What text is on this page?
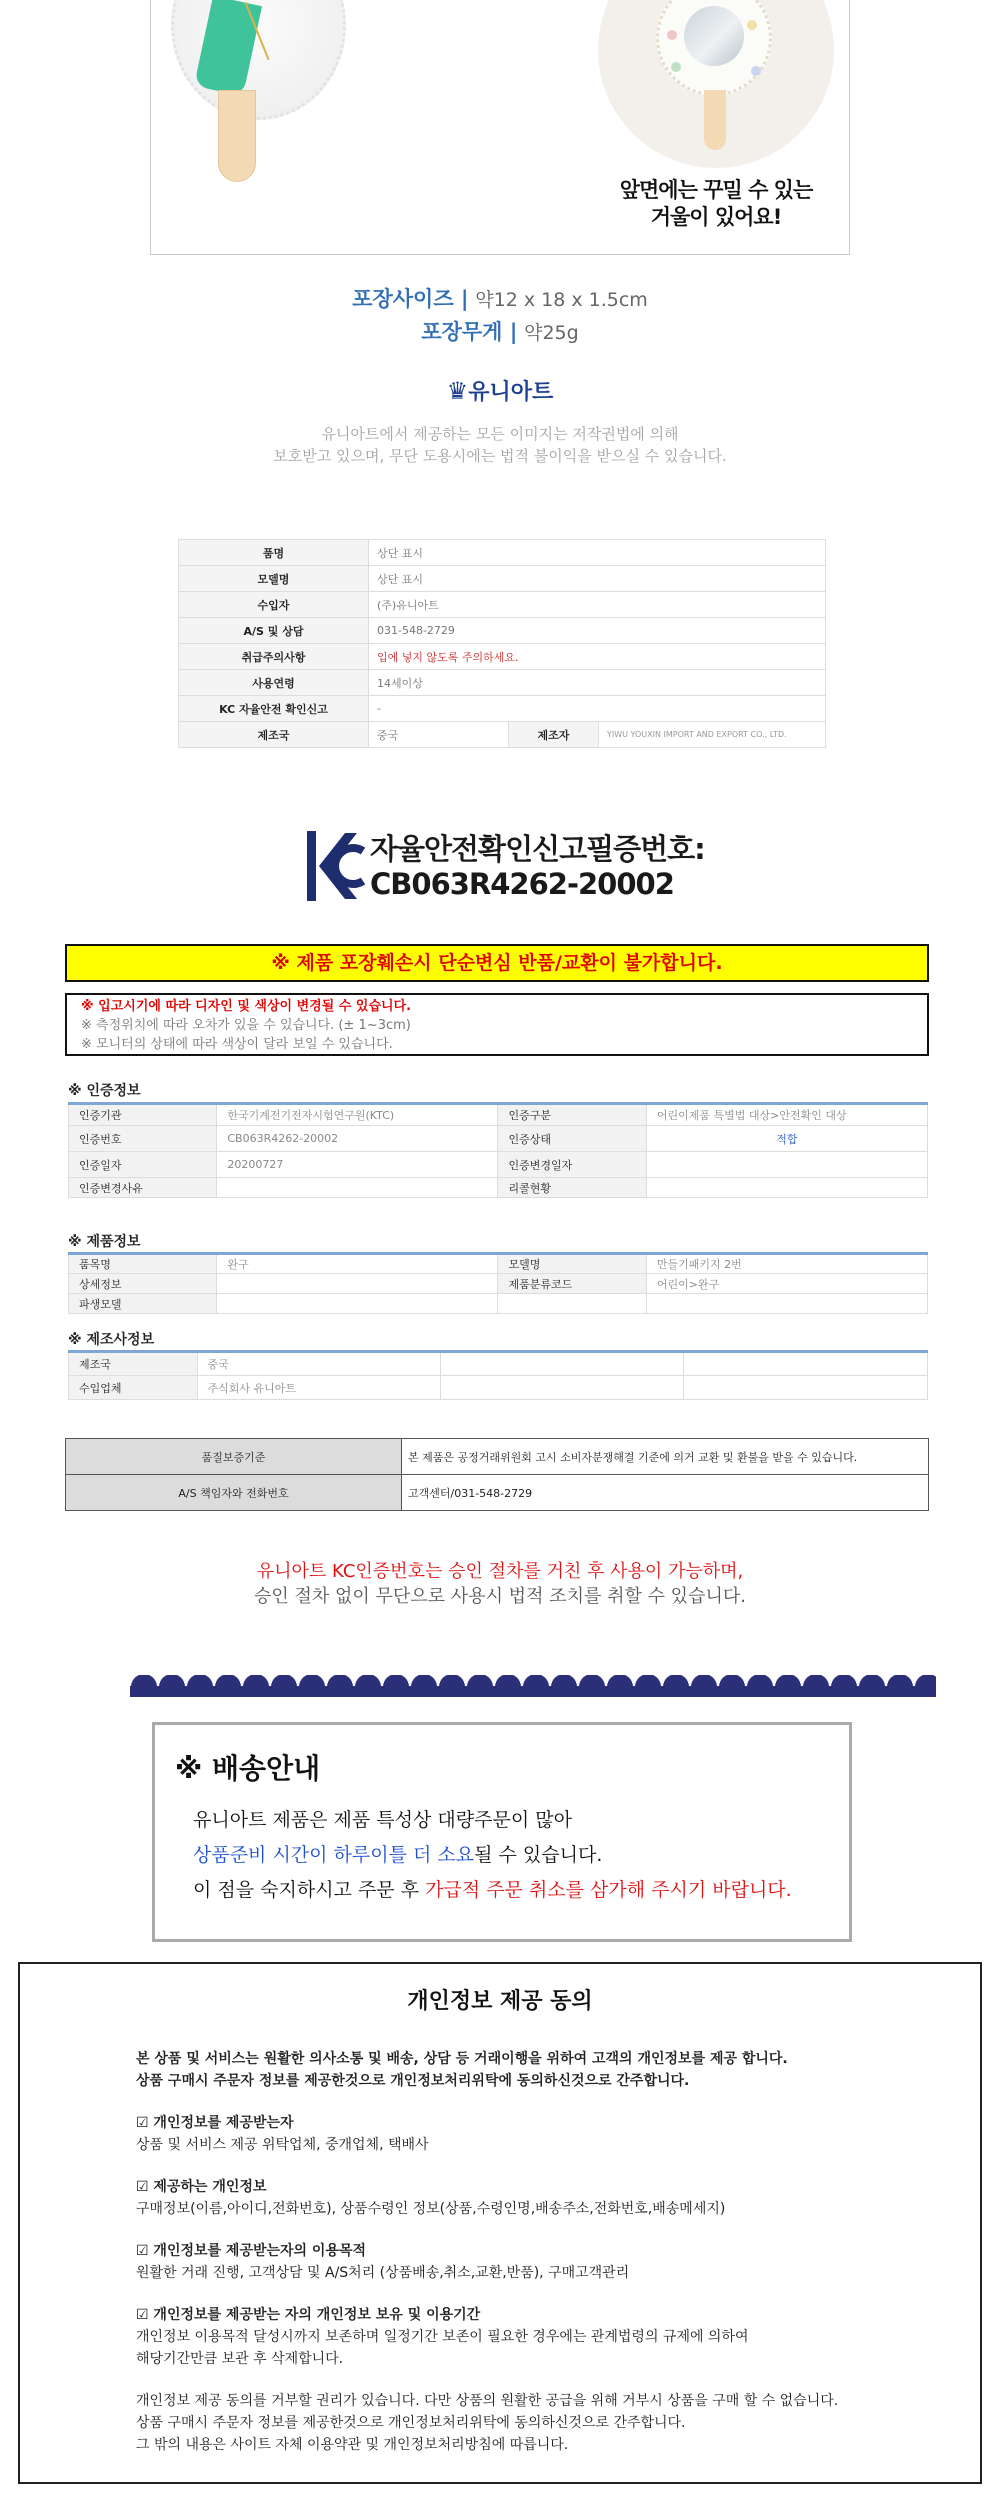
앞면에는 꾸밀 수 있는
거울이 있어요!
포장사이즈 | 약12 x 18 x 1.5cm
포장무게 | 약25g
♛유니아트
유니아트에서 제공하는 모든 이미지는 저작권법에 의해
보호받고 있으며, 무단 도용시에는 법적 불이익을 받으실 수 있습니다.
품명	상단 표시		
모델명	상단 표시		
수입자	(주)유니아트		
A/S 및 상담	031-548-2729		
취급주의사항	입에 넣지 않도록 주의하세요.		
사용연령	14세이상		
KC 자율안전 확인신고	-		
제조국	중국	제조자	YIWU YOUXIN IMPORT AND EXPORT CO., LTD.
자율안전확인신고필증번호:
CB063R4262-20002
※ 제품 포장훼손시 단순변심 반품/교환이 불가합니다.
※ 입고시기에 따라 디자인 및 색상이 변경될 수 있습니다.
※ 측정위치에 따라 오차가 있을 수 있습니다. (± 1~3cm)
※ 모니터의 상태에 따라 색상이 달라 보일 수 있습니다.
※ 인증정보
인증기관	한국기계전기전자시험연구원(KTC)	인증구분	어린이제품 특별법 대상>안전확인 대상
인증번호	CB063R4262-20002	인증상태	적합
인증일자	20200727	인증변경일자	
인증변경사유		리콜현황	
※ 제품정보
품목명	완구	모델명	만들기패키지 2번
상세정보		제품분류코드	어린이>완구
파생모델			
※ 제조사정보
제조국	중국		
수입업체	주식회사 유니아트		
품질보증기준	본 제품은 공정거래위원회 고시 소비자분쟁해결 기준에 의거 교환 및 환불을 받을 수 있습니다.
A/S 책임자와 전화번호	고객센터/031-548-2729
유니아트 KC인증번호는 승인 절차를 거친 후 사용이 가능하며,
승인 절차 없이 무단으로 사용시 법적 조치를 취할 수 있습니다.
※ 배송안내
유니아트 제품은 제품 특성상 대량주문이 많아
상품준비 시간이 하루이틀 더 소요될 수 있습니다.
이 점을 숙지하시고 주문 후 가급적 주문 취소를 삼가해 주시기 바랍니다.
개인정보 제공 동의
본 상품 및 서비스는 원활한 의사소통 및 배송, 상담 등 거래이행을 위하여 고객의 개인정보를 제공 합니다.
상품 구매시 주문자 정보를 제공한것으로 개인정보처리위탁에 동의하신것으로 간주합니다.
☑ 개인정보를 제공받는자
상품 및 서비스 제공 위탁업체, 중개업체, 택배사
☑ 제공하는 개인정보
구매정보(이름,아이디,전화번호), 상품수령인 정보(상품,수령인명,배송주소,전화번호,배송메세지)
☑ 개인정보를 제공받는자의 이용목적
원활한 거래 진행, 고객상담 및 A/S처리 (상품배송,취소,교환,반품), 구매고객관리
☑ 개인정보를 제공받는 자의 개인정보 보유 및 이용기간
개인정보 이용목적 달성시까지 보존하며 일정기간 보존이 필요한 경우에는 관계법령의 규제에 의하여
해당기간만큼 보관 후 삭제합니다.
개인정보 제공 동의를 거부할 권리가 있습니다. 다만 상품의 원활한 공급을 위해 거부시 상품을 구매 할 수 없습니다.
상품 구매시 주문자 정보를 제공한것으로 개인정보처리위탁에 동의하신것으로 간주합니다.
그 밖의 내용은 사이트 자체 이용약관 및 개인정보처리방침에 따릅니다.
